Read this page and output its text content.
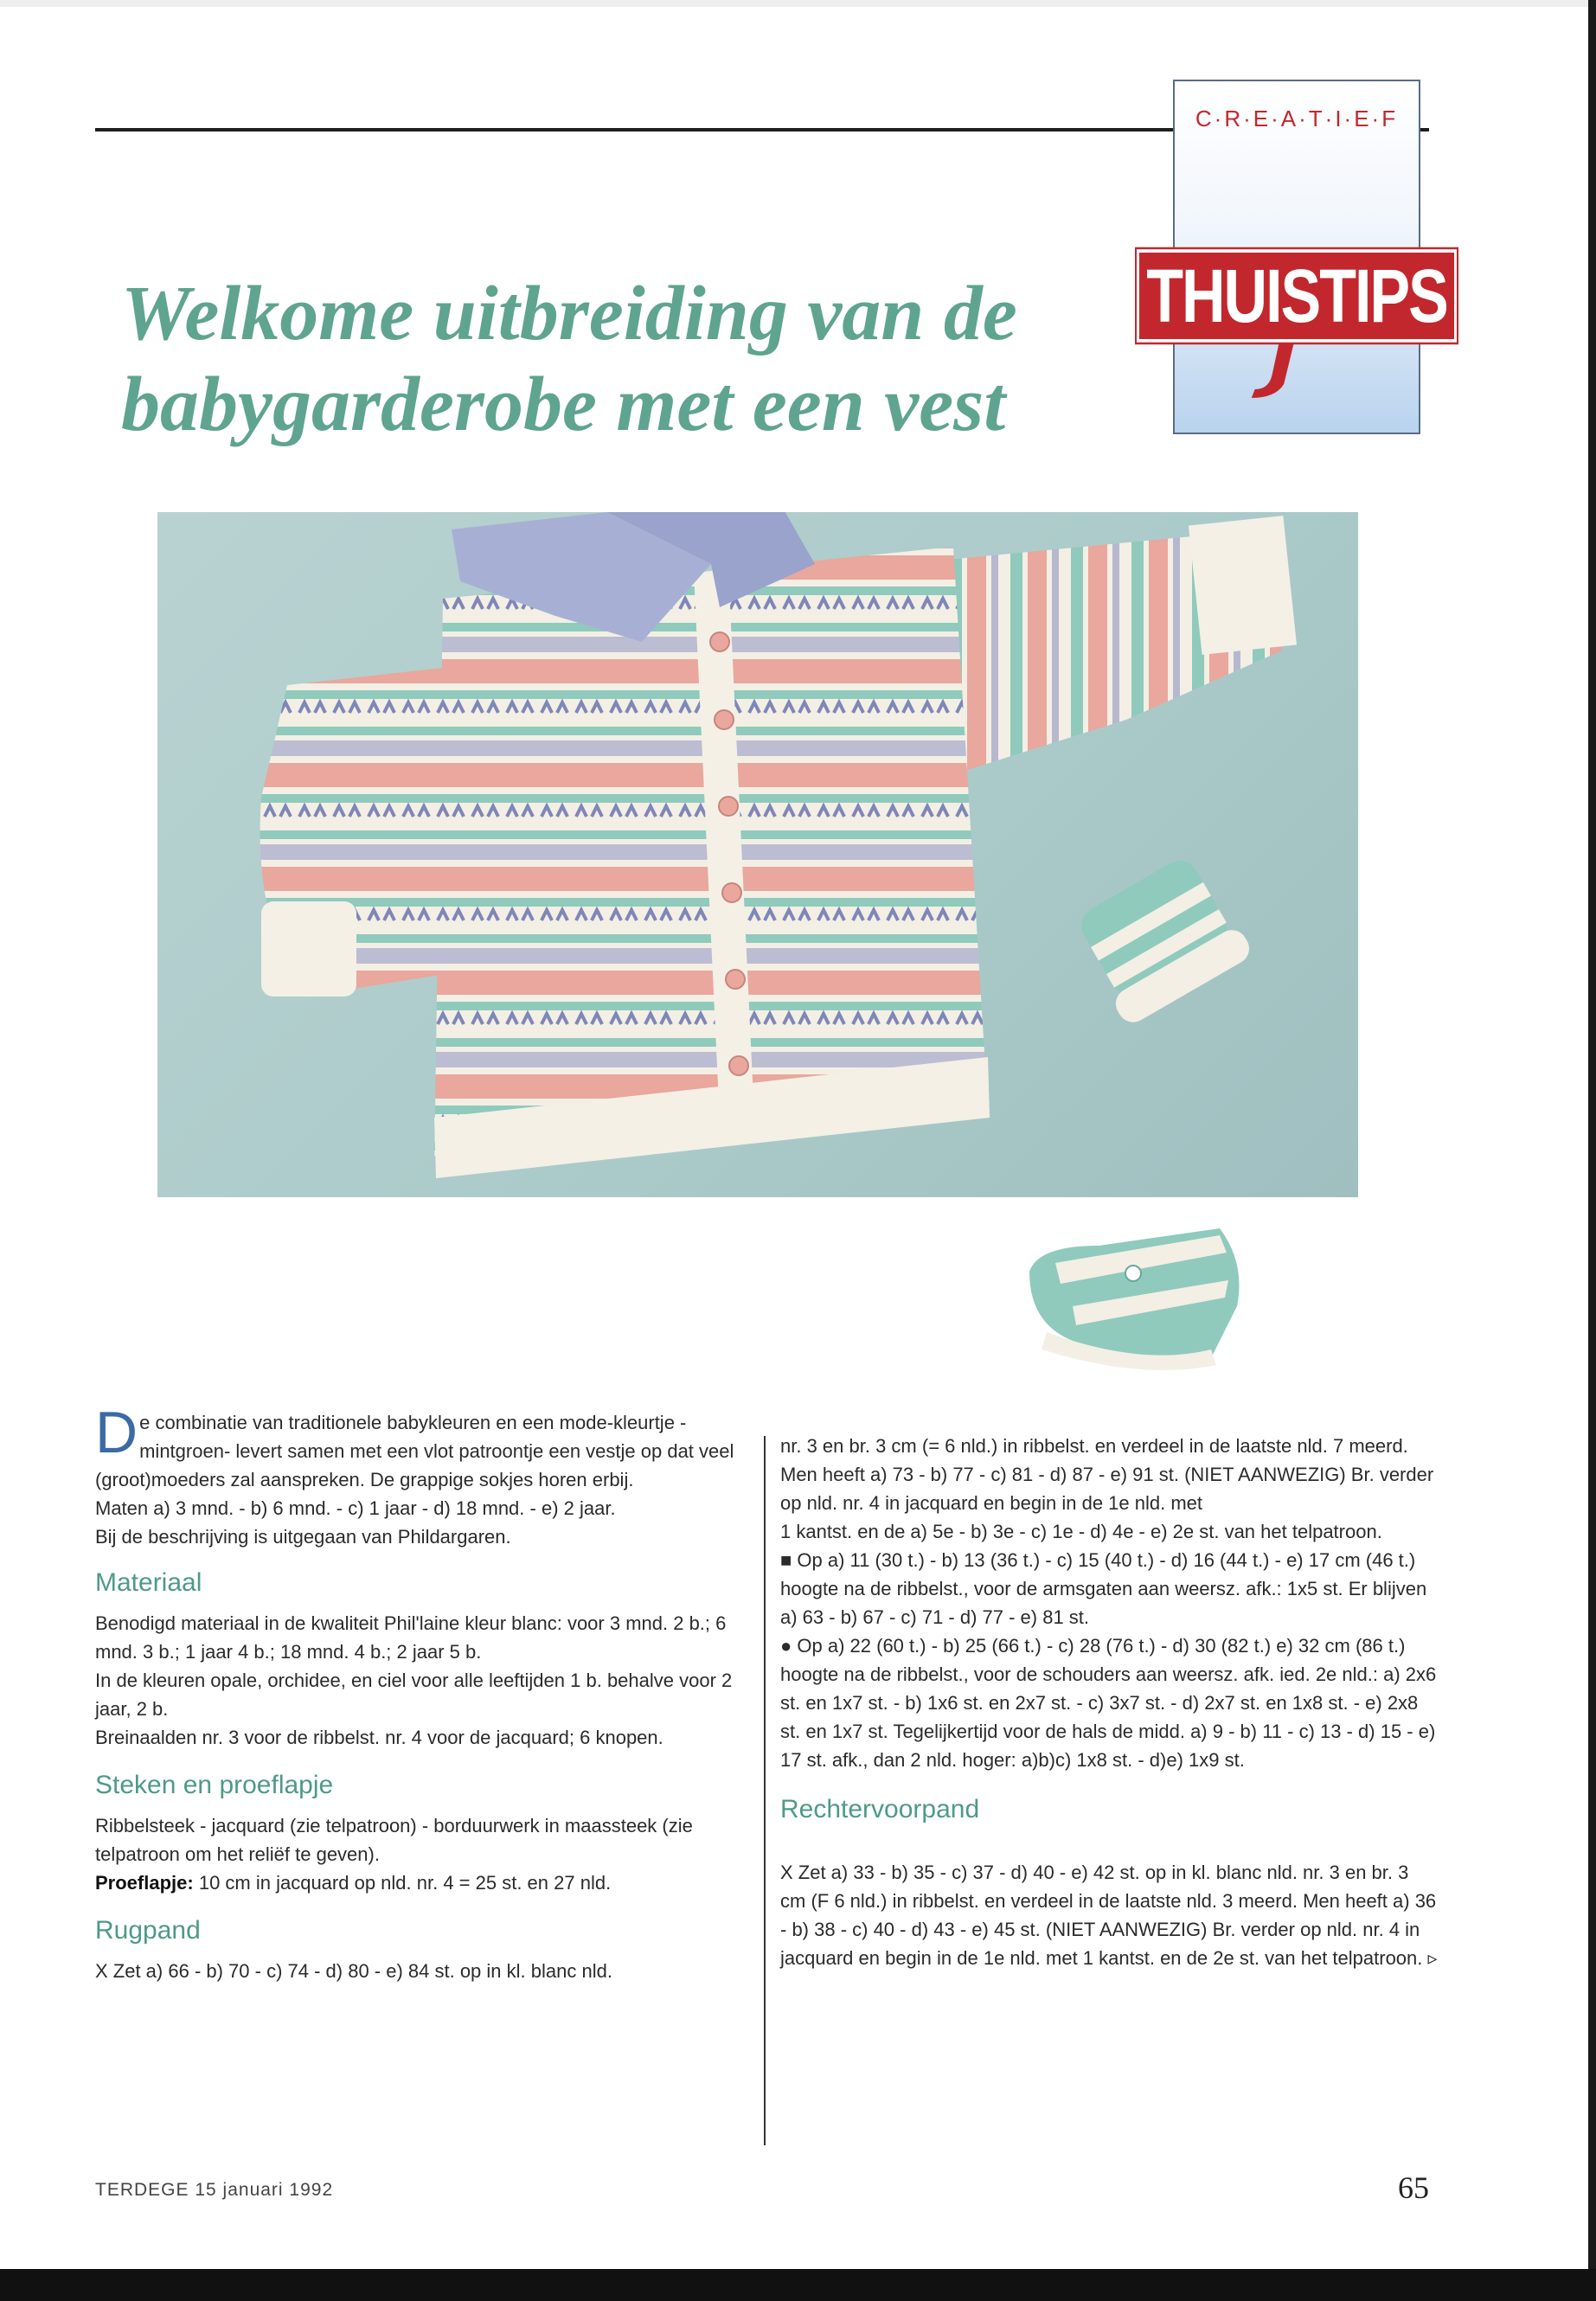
C·R·E·A·T·I·E·F
THUISTIPS
Welkome uitbreiding van de babygarderobe met een vest

De combinatie van traditionele babykleuren en een mode-kleurtje -mintgroen- levert samen met een vlot patroontje een vestje op dat veel (groot)moeders zal aanspreken. De grappige sokjes horen erbij.

Maten a) 3 mnd. - b) 6 mnd. - c) 1 jaar - d) 18 mnd. - e) 2 jaar.

Bij de beschrijving is uitgegaan van Phildargaren.

Materiaal

Benodigd materiaal in de kwaliteit Phil'laine kleur blanc: voor 3 mnd. 2 b.; 6 mnd. 3 b.; 1 jaar 4 b.; 18 mnd. 4 b.; 2 jaar 5 b.

In de kleuren opale, orchidee, en ciel voor alle leeftijden 1 b. behalve voor 2 jaar, 2 b.

Breinaalden nr. 3 voor de ribbelst. nr. 4 voor de jacquard; 6 knopen.

Steken en proeflapje

Ribbelsteek - jacquard (zie telpatroon) - borduurwerk in maassteek (zie telpatroon om het reliëf te geven).

Proeflapje: 10 cm in jacquard op nld. nr. 4 = 25 st. en 27 nld.

Rugpand

X Zet a) 66 - b) 70 - c) 74 - d) 80 - e) 84 st. op in kl. blanc nld.

nr. 3 en br. 3 cm (= 6 nld.) in ribbelst. en verdeel in de laatste nld. 7 meerd. Men heeft a) 73 - b) 77 - c) 81 - d) 87 - e) 91 st. (NIET AANWEZIG) Br. verder op nld. nr. 4 in jacquard en begin in de 1e nld. met

1 kantst. en de a) 5e - b) 3e - c) 1e - d) 4e - e) 2e st. van het telpatroon.

■ Op a) 11 (30 t.) - b) 13 (36 t.) - c) 15 (40 t.) - d) 16 (44 t.) - e) 17 cm (46 t.) hoogte na de ribbelst., voor de armsgaten aan weersz. afk.: 1x5 st. Er blijven a) 63 - b) 67 - c) 71 - d) 77 - e) 81 st.

● Op a) 22 (60 t.) - b) 25 (66 t.) - c) 28 (76 t.) - d) 30 (82 t.) e) 32 cm (86 t.) hoogte na de ribbelst., voor de schouders aan weersz. afk. ied. 2e nld.: a) 2x6 st. en 1x7 st. - b) 1x6 st. en 2x7 st. - c) 3x7 st. - d) 2x7 st. en 1x8 st. - e) 2x8 st. en 1x7 st. Tegelijkertijd voor de hals de midd. a) 9 - b) 11 - c) 13 - d) 15 - e) 17 st. afk., dan 2 nld. hoger: a)b)c) 1x8 st. - d)e) 1x9 st.

Rechtervoorpand

X Zet a) 33 - b) 35 - c) 37 - d) 40 - e) 42 st. op in kl. blanc nld. nr. 3 en br. 3 cm (F 6 nld.) in ribbelst. en verdeel in de laatste nld. 3 meerd. Men heeft a) 36 - b) 38 - c) 40 - d) 43 - e) 45 st. (NIET AANWEZIG) Br. verder op nld. nr. 4 in jacquard en begin in de 1e nld. met 1 kantst. en de 2e st. van het telpatroon. ▹

TERDEGE 15 januari 1992	65
